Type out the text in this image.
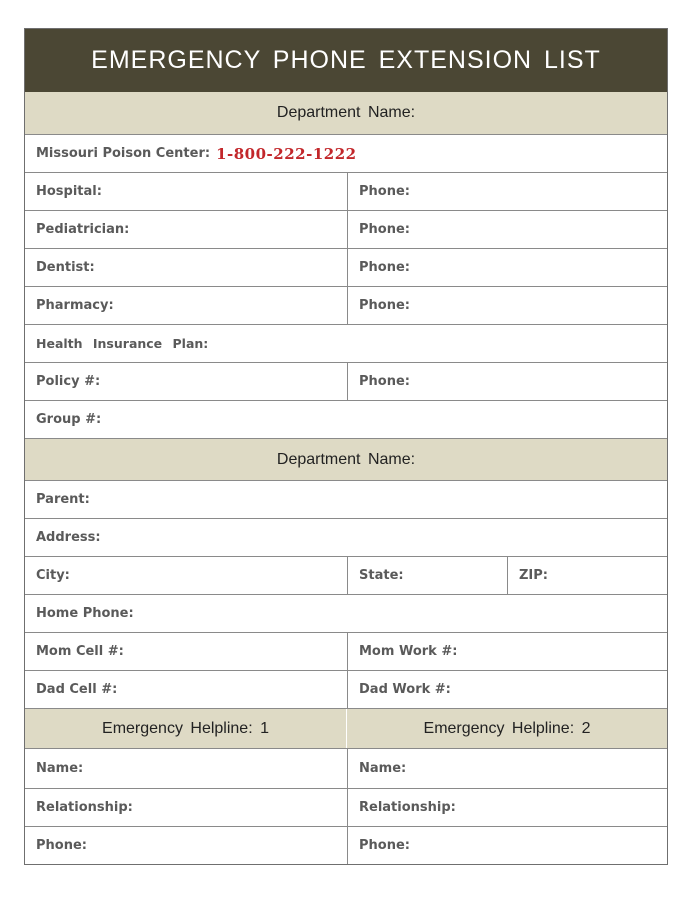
EMERGENCY PHONE EXTENSION LIST
Department Name:
Missouri Poison Center: 1-800-222-1222
Hospital:	Phone:
Pediatrician:	Phone:
Dentist:	Phone:
Pharmacy:	Phone:
Health Insurance Plan:
Policy #:	Phone:
Group #:
Department Name:
Parent:
Address:
City:	State:	ZIP:
Home Phone:
Mom Cell #:	Mom Work #:
Dad Cell #:	Dad Work #:
Emergency Helpline: 1	Emergency Helpline: 2
Name:	Name:
Relationship:	Relationship:
Phone:	Phone:
